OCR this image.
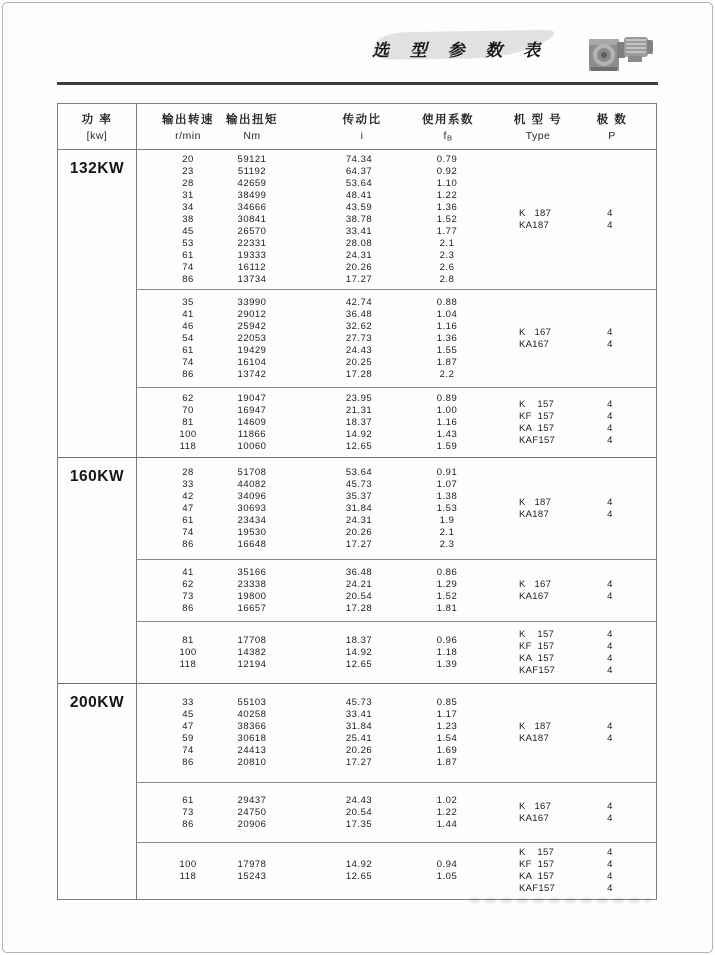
选 型 参 数 表
功 率
[kw]
输出转速
r/min
输出扭矩
Nm
传动比
i
使用系数
$f_B$
机 型 号
Type
极 数
P
132KW
20
23
28
31
34
38
45
53
61
74
86
59121
51192
42659
38499
34666
30841
26570
22331
19333
16112
13734
74.34
64.37
53.64
48.41
43.59
38.78
33.41
28.08
24.31
20.26
17.27
0.79
0.92
1.10
1.22
1.36
1.52
1.77
2.1
2.3
2.6
2.8
K   187
KA187
4
4
35
41
46
54
61
74
86
33990
29012
25942
22053
19429
16104
13742
42.74
36.48
32.62
27.73
24.43
20.25
17.28
0.88
1.04
1.16
1.36
1.55
1.87
2.2
K   167
KA167
4
4
62
70
81
100
118
19047
16947
14609
11866
10060
23.95
21.31
18.37
14.92
12.65
0.89
1.00
1.16
1.43
1.59
K    157
KF  157
KA  157
KAF157
4
4
4
4
160KW	28
33
42
47
61
74
86
51708
44082
34096
30693
23434
19530
16648
53.64
45.73
35.37
31.84
24.31
20.26
17.27
0.91
1.07
1.38
1.53
1.9
2.1
2.3
K   187
KA187
4
4
41
62
73
86
35166
23338
19800
16657
36.48
24.21
20.54
17.28
0.86
1.29
1.52
1.81
K   167
KA167
4
4
81
100
118
17708
14382
12194
18.37
14.92
12.65
0.96
1.18
1.39
K    157
KF  157
KA  157
KAF157
4
4
4
4
200KW	33
45
47
59
74
86
55103
40258
38366
30618
24413
20810
45.73
33.41
31.84
25.41
20.26
17.27
0.85
1.17
1.23
1.54
1.69
1.87
K   187
KA187
4
4
61
73
86
29437
24750
20906
24.43
20.54
17.35
1.02
1.22
1.44
K   167
KA167
4
4
100
118
17978
15243
14.92
12.65
0.94
1.05
K    157
KF  157
KA  157
KAF157
4
4
4
4
